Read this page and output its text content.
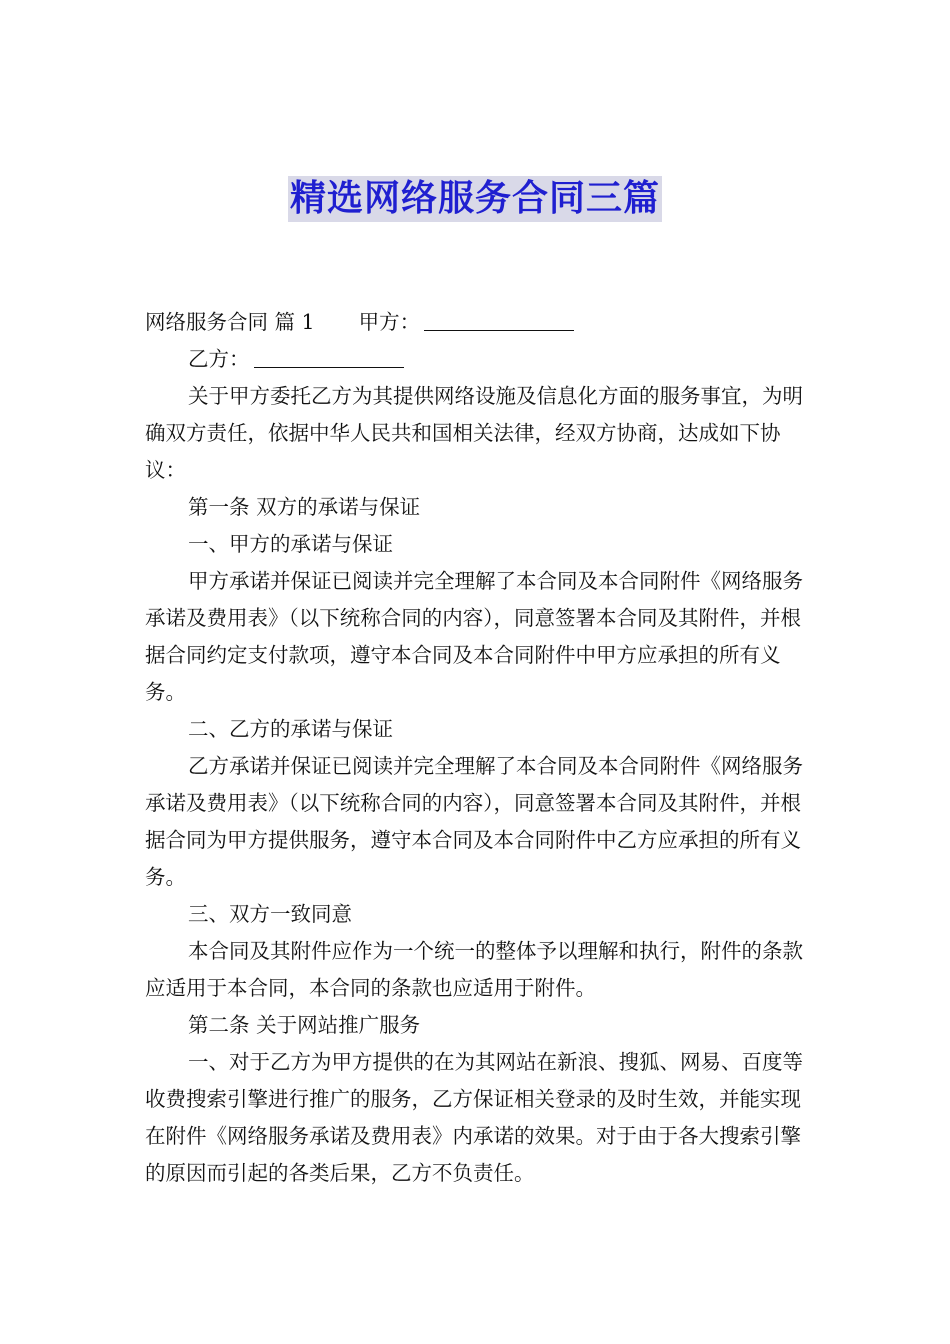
精选网络服务合同三篇

网络服务合同 篇 1 甲方：

乙方：

关于甲方委托乙方为其提供网络设施及信息化方面的服务事宜，为明确双方责任，依据中华人民共和国相关法律，经双方协商，达成如下协议：

第一条 双方的承诺与保证

一、甲方的承诺与保证

甲方承诺并保证已阅读并完全理解了本合同及本合同附件《网络服务承诺及费用表》（以下统称合同的内容），同意签署本合同及其附件，并根据合同约定支付款项，遵守本合同及本合同附件中甲方应承担的所有义务。

二、乙方的承诺与保证

乙方承诺并保证已阅读并完全理解了本合同及本合同附件《网络服务承诺及费用表》（以下统称合同的内容），同意签署本合同及其附件，并根据合同为甲方提供服务，遵守本合同及本合同附件中乙方应承担的所有义务。

三、双方一致同意

本合同及其附件应作为一个统一的整体予以理解和执行，附件的条款应适用于本合同，本合同的条款也应适用于附件。

第二条 关于网站推广服务

一、对于乙方为甲方提供的在为其网站在新浪、搜狐、网易、百度等收费搜索引擎进行推广的服务，乙方保证相关登录的及时生效，并能实现在附件《网络服务承诺及费用表》内承诺的效果。对于由于各大搜索引擎的原因而引起的各类后果，乙方不负责任。
